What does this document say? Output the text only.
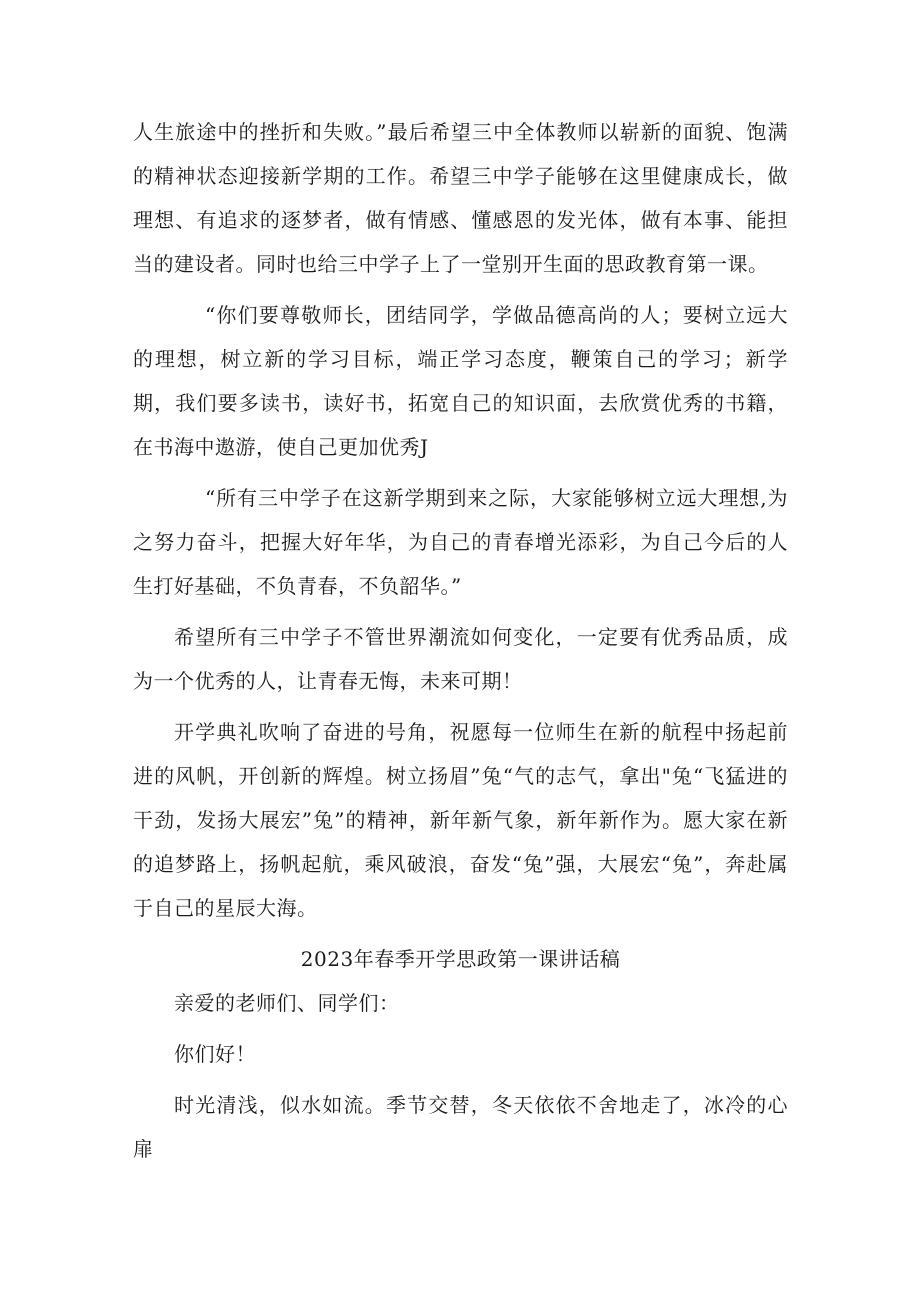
人生旅途中的挫折和失败。”最后希望三中全体教师以崭新的面貌、饱满的精神状态迎接新学期的工作。希望三中学子能够在这里健康成长，做理想、有追求的逐梦者，做有情感、懂感恩的发光体，做有本事、能担当的建设者。同时也给三中学子上了一堂别开生面的思政教育第一课。

“你们要尊敬师长，团结同学，学做品德高尚的人；要树立远大的理想，树立新的学习目标，端正学习态度，鞭策自己的学习；新学期，我们要多读书，读好书，拓宽自己的知识面，去欣赏优秀的书籍，在书海中遨游，使自己更加优秀J

“所有三中学子在这新学期到来之际，大家能够树立远大理想,为之努力奋斗，把握大好年华，为自己的青春增光添彩，为自己今后的人生打好基础，不负青春，不负韶华。”

希望所有三中学子不管世界潮流如何变化，一定要有优秀品质，成为一个优秀的人，让青春无悔，未来可期！

开学典礼吹响了奋进的号角，祝愿每一位师生在新的航程中扬起前进的风帆，开创新的辉煌。树立扬眉”兔“气的志气，拿出"兔“飞猛进的干劲，发扬大展宏”兔”的精神，新年新气象，新年新作为。愿大家在新的追梦路上，扬帆起航，乘风破浪，奋发“兔”强，大展宏“兔”，奔赴属于自己的星辰大海。

2023年春季开学思政第一课讲话稿

亲爱的老师们、同学们：

你们好！

时光清浅，似水如流。季节交替，冬天依依不舍地走了，冰冷的心扉
